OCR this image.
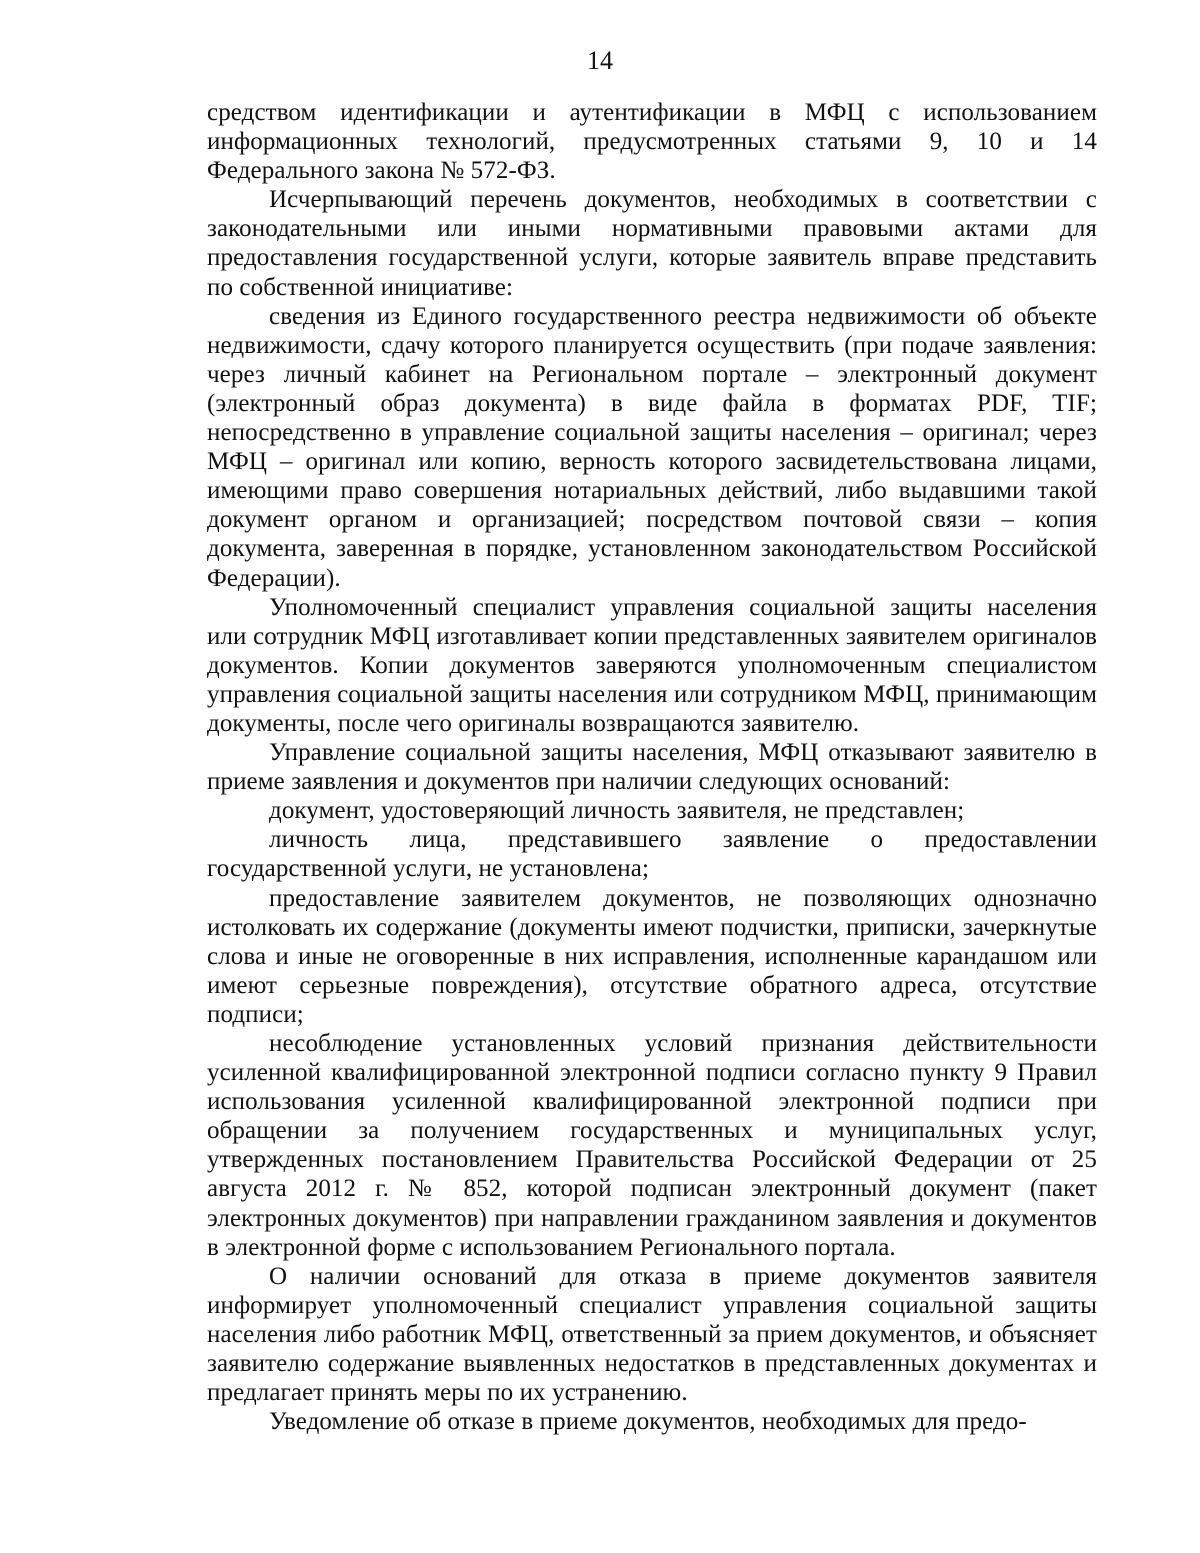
14

средством идентификации и аутентификации в МФЦ с использованием информационных технологий, предусмотренных статьями 9, 10 и 14 Федерального закона № 572-ФЗ.

Исчерпывающий перечень документов, необходимых в соответствии с законодательными или иными нормативными правовыми актами для предоставления государственной услуги, которые заявитель вправе представить по собственной инициативе:

сведения из Единого государственного реестра недвижимости об объекте недвижимости, сдачу которого планируется осуществить (при подаче заявления: через личный кабинет на Региональном портале – электронный документ (электронный образ документа) в виде файла в форматах PDF, TIF; непосредственно в управление социальной защиты населения – оригинал; через МФЦ – оригинал или копию, верность которого засвидетельствована лицами, имеющими право совершения нотариальных действий, либо выдавшими такой документ органом и организацией; посредством почтовой связи – копия документа, заверенная в порядке, установленном законодательством Российской Федерации).

Уполномоченный специалист управления социальной защиты населения или сотрудник МФЦ изготавливает копии представленных заявителем оригиналов документов. Копии документов заверяются уполномоченным специалистом управления социальной защиты населения или сотрудником МФЦ, принимающим документы, после чего оригиналы возвращаются заявителю.

Управление социальной защиты населения, МФЦ отказывают заявителю в приеме заявления и документов при наличии следующих оснований:

документ, удостоверяющий личность заявителя, не представлен;

личность лица, представившего заявление о предоставлении государственной услуги, не установлена;

предоставление заявителем документов, не позволяющих однозначно истолковать их содержание (документы имеют подчистки, приписки, зачеркнутые слова и иные не оговоренные в них исправления, исполненные карандашом или имеют серьезные повреждения), отсутствие обратного адреса, отсутствие подписи;

несоблюдение установленных условий признания действительности усиленной квалифицированной электронной подписи согласно пункту 9 Правил использования усиленной квалифицированной электронной подписи при обращении за получением государственных и муниципальных услуг, утвержденных постановлением Правительства Российской Федерации от 25 августа 2012 г. № 852, которой подписан электронный документ (пакет электронных документов) при направлении гражданином заявления и документов в электронной форме с использованием Регионального портала.

О наличии оснований для отказа в приеме документов заявителя информирует уполномоченный специалист управления социальной защиты населения либо работник МФЦ, ответственный за прием документов, и объясняет заявителю содержание выявленных недостатков в представленных документах и предлагает принять меры по их устранению.

Уведомление об отказе в приеме документов, необходимых для предо-
